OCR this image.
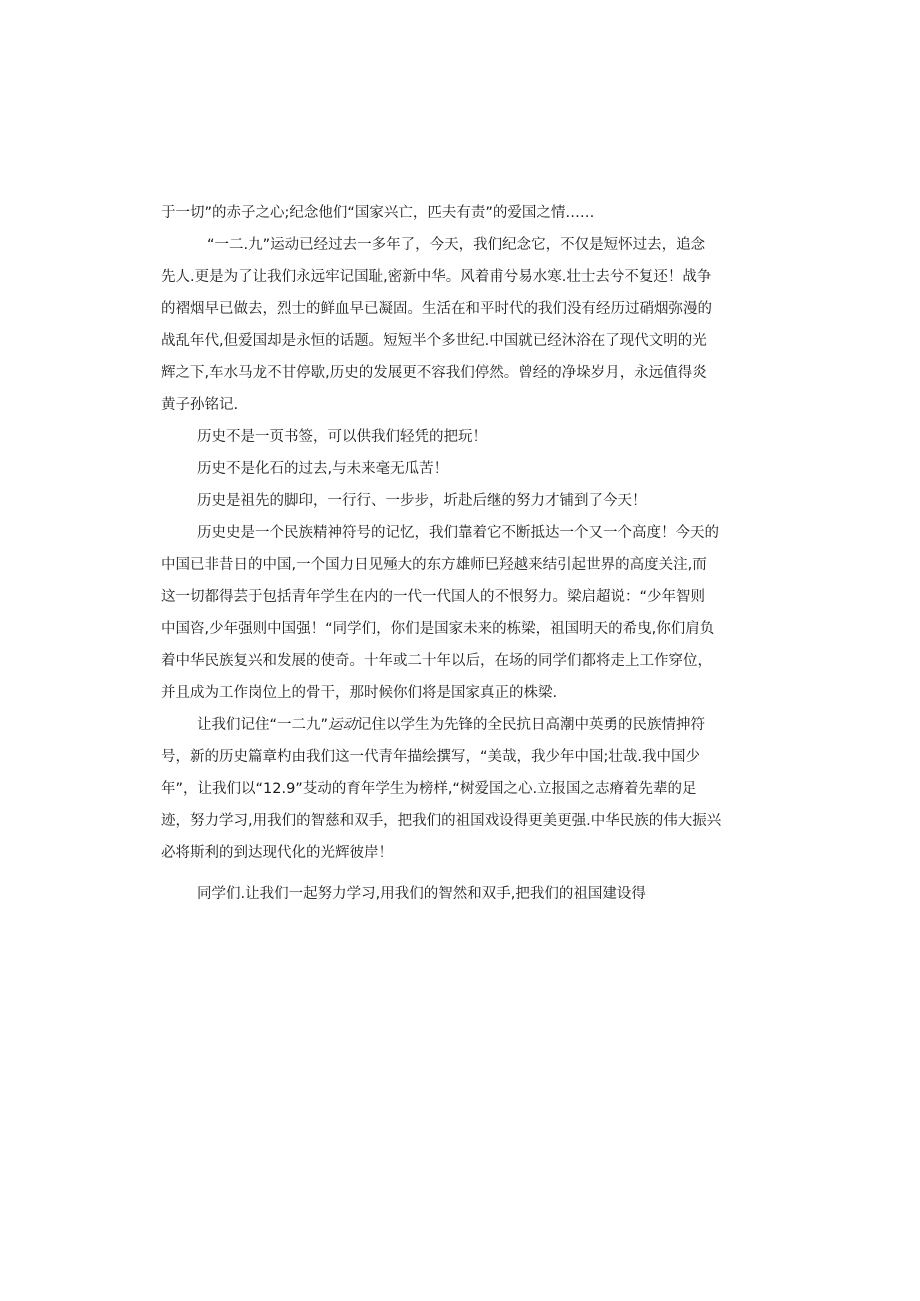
于一切”的赤子之心;纪念他们“国家兴亡，匹夫有责”的爱国之情……
“一二.九”运动已经过去一多年了，今天，我们纪念它，不仅是短怀过去，追念
先人.更是为了让我们永远牢记国耻,密新中华。风着甫兮易水寒.壮士去兮不复还！战争
的褶烟早已做去，烈士的鲜血早已凝固。生活在和平时代的我们没有经历过硝烟弥漫的
战乱年代,但爱国却是永恒的话题。短短半个多世纪.中国就已经沐浴在了现代文明的光
辉之下,车水马龙不甘停歇,历史的发展更不容我们停然。曾经的净垛岁月，永远值得炎
黄子孙铭记.
历史不是一页书签，可以供我们轻凭的把玩！
历史不是化石的过去,与未来毫无瓜苦！
历史是祖先的脚印，一行行、一步步，圻赴后继的努力才铺到了今天！
历史史是一个民族精神符号的记忆，我们靠着它不断抵达一个又一个高度！今天的
中国已非昔日的中国,一个国力日见殛大的东方雄师巳羟越来结引起世界的高度关注,而
这一切都得芸于包括青年学生在内的一代一代国人的不恨努力。梁启超说：“少年智则
中国咨,少年强则中国强！“同学们，你们是国家未来的栋梁，祖国明天的希曳,你们肩负
着中华民族复兴和发展的使奇。十年或二十年以后，在场的同学们都将走上工作穿位，
并且成为工作岗位上的骨干，那时候你们将是国家真正的株梁.
让我们记住“一二九”运动记住以学生为先锋的全民抗日高潮中英勇的民族情抻符
号，新的历史篇章杓由我们这一代青年描绘撰写，“美哉，我少年中国;壮哉.我中国少
年”，让我们以“12.9”芟动的育年学生为榜样,“树爱国之心.立报国之志瘠着先辈的足
迹，努力学习,用我们的智慈和双手，把我们的祖国戏设得更美更强.中华民族的伟大振兴
必将斯利的到达现代化的光辉彼岸！
同学们.让我们一起努力学习,用我们的智然和双手,把我们的祖国建设得
